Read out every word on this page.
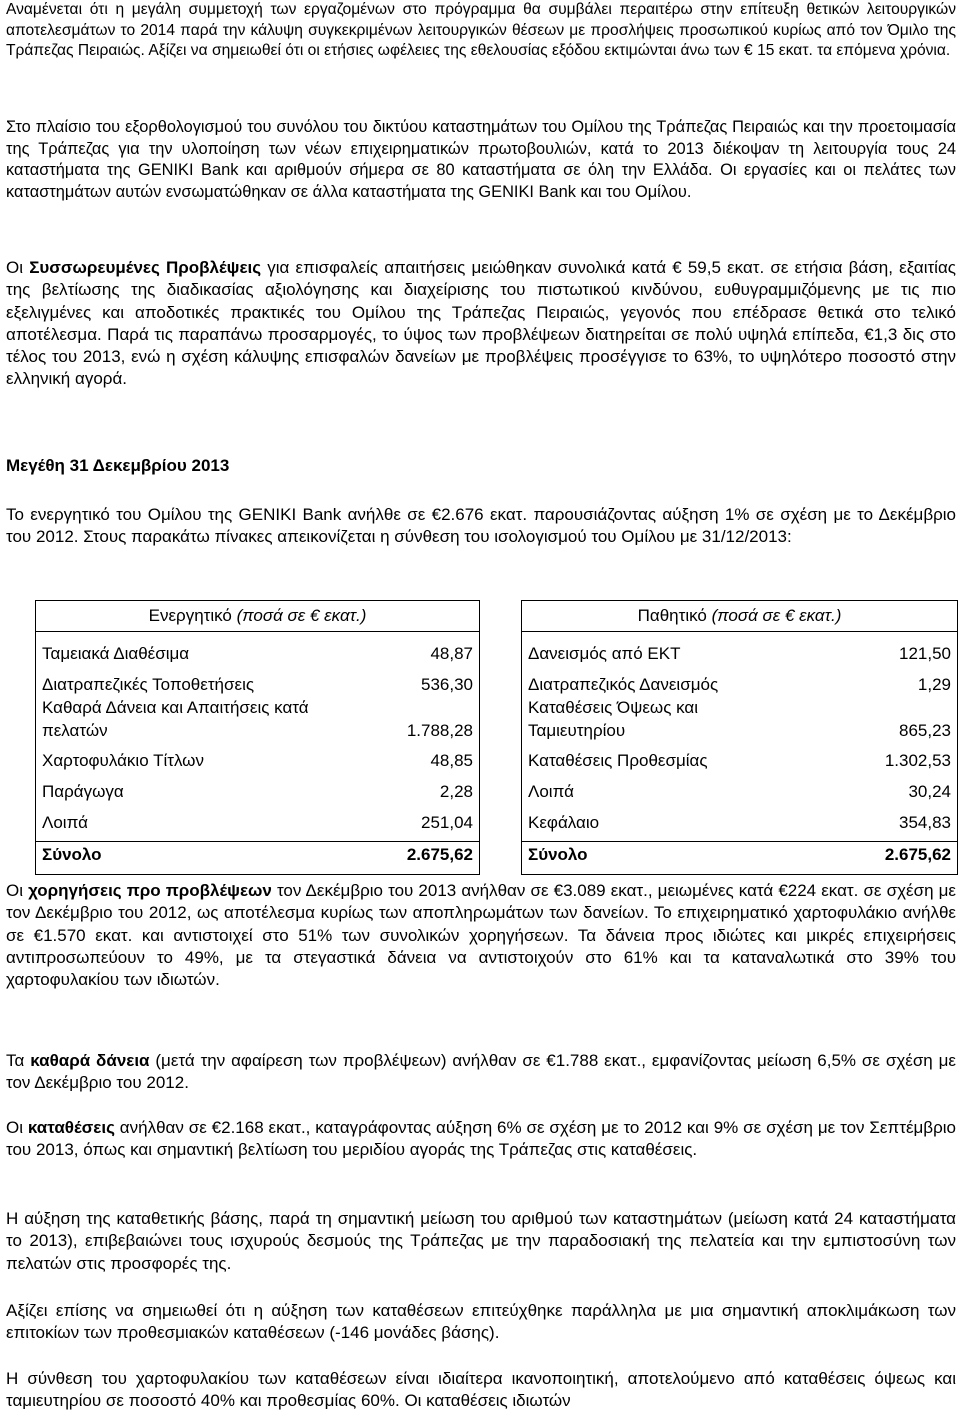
Αναμένεται ότι η μεγάλη συμμετοχή των εργαζομένων στο πρόγραμμα θα συμβάλει περαιτέρω στην επίτευξη θετικών λειτουργικών αποτελεσμάτων το 2014 παρά την κάλυψη συγκεκριμένων λειτουργικών θέσεων με προσλήψεις προσωπικού κυρίως από τον Όμιλο της Τράπεζας Πειραιώς. Αξίζει να σημειωθεί ότι οι ετήσιες ωφέλειες της εθελουσίας εξόδου εκτιμώνται άνω των € 15 εκατ. τα επόμενα χρόνια.

Στο πλαίσιο του εξορθολογισμού του συνόλου του δικτύου καταστημάτων του Ομίλου της Τράπεζας Πειραιώς και την προετοιμασία της Τράπεζας για την υλοποίηση των νέων επιχειρηματικών πρωτοβουλιών, κατά το 2013 διέκοψαν τη λειτουργία τους 24 καταστήματα της GENIKI Bank και αριθμούν σήμερα σε 80 καταστήματα σε όλη την Ελλάδα. Οι εργασίες και οι πελάτες των καταστημάτων αυτών ενσωματώθηκαν σε άλλα καταστήματα της GENIKI Bank και του Ομίλου.

Οι Συσσωρευμένες Προβλέψεις για επισφαλείς απαιτήσεις μειώθηκαν συνολικά κατά € 59,5 εκατ. σε ετήσια βάση, εξαιτίας της βελτίωσης της διαδικασίας αξιολόγησης και διαχείρισης του πιστωτικού κινδύνου, ευθυγραμμιζόμενης με τις πιο εξελιγμένες και αποδοτικές πρακτικές του Ομίλου της Τράπεζας Πειραιώς, γεγονός που επέδρασε θετικά στο τελικό αποτέλεσμα. Παρά τις παραπάνω προσαρμογές, το ύψος των προβλέψεων διατηρείται σε πολύ υψηλά επίπεδα, €1,3 δις στο τέλος του 2013, ενώ η σχέση κάλυψης επισφαλών δανείων με προβλέψεις προσέγγισε το 63%, το υψηλότερο ποσοστό στην ελληνική αγορά.

Μεγέθη 31 Δεκεμβρίου 2013

Το ενεργητικό του Ομίλου της GENIKI Bank ανήλθε σε €2.676 εκατ. παρουσιάζοντας αύξηση 1% σε σχέση με το Δεκέμβριο του 2012. Στους παρακάτω πίνακες απεικονίζεται η σύνθεση του ισολογισμού του Ομίλου με 31/12/2013:

Ενεργητικό (ποσά σε € εκατ.)
Ταμειακά Διαθέσιμα	48,87
Διατραπεζικές Τοποθετήσεις	536,30
Καθαρά Δάνεια και Απαιτήσεις κατά
πελατών	1.788,28
Χαρτοφυλάκιο Τίτλων	48,85
Παράγωγα	2,28
Λοιπά	251,04
Σύνολο	2.675,62
Παθητικό (ποσά σε € εκατ.)
Δανεισμός από ΕΚΤ	121,50
Διατραπεζικός Δανεισμός	1,29
Καταθέσεις Όψεως και
Ταμιευτηρίου	865,23
Καταθέσεις Προθεσμίας	1.302,53
Λοιπά	30,24
Κεφάλαιο	354,83
Σύνολο	2.675,62

Οι χορηγήσεις προ προβλέψεων τον Δεκέμβριο του 2013 ανήλθαν σε €3.089 εκατ., μειωμένες κατά €224 εκατ. σε σχέση με τον Δεκέμβριο του 2012, ως αποτέλεσμα κυρίως των αποπληρωμάτων των δανείων. Το επιχειρηματικό χαρτοφυλάκιο ανήλθε σε €1.570 εκατ. και αντιστοιχεί στο 51% των συνολικών χορηγήσεων. Τα δάνεια προς ιδιώτες και μικρές επιχειρήσεις αντιπροσωπεύουν το 49%, με τα στεγαστικά δάνεια να αντιστοιχούν στο 61% και τα καταναλωτικά στο 39% του χαρτοφυλακίου των ιδιωτών.

Τα καθαρά δάνεια (μετά την αφαίρεση των προβλέψεων) ανήλθαν σε €1.788 εκατ., εμφανίζοντας μείωση 6,5% σε σχέση με τον Δεκέμβριο του 2012.

Οι καταθέσεις ανήλθαν σε €2.168 εκατ., καταγράφοντας αύξηση 6% σε σχέση με το 2012 και 9% σε σχέση με τον Σεπτέμβριο του 2013, όπως και σημαντική βελτίωση του μεριδίου αγοράς της Τράπεζας στις καταθέσεις.

Η αύξηση της καταθετικής βάσης, παρά τη σημαντική μείωση του αριθμού των καταστημάτων (μείωση κατά 24 καταστήματα το 2013), επιβεβαιώνει τους ισχυρούς δεσμούς της Τράπεζας με την παραδοσιακή της πελατεία και την εμπιστοσύνη των πελατών στις προσφορές της.

Αξίζει επίσης να σημειωθεί ότι η αύξηση των καταθέσεων επιτεύχθηκε παράλληλα με μια σημαντική αποκλιμάκωση των επιτοκίων των προθεσμιακών καταθέσεων (-146 μονάδες βάσης).

Η σύνθεση του χαρτοφυλακίου των καταθέσεων είναι ιδιαίτερα ικανοποιητική, αποτελούμενο από καταθέσεις όψεως και ταμιευτηρίου σε ποσοστό 40% και προθεσμίας 60%. Οι καταθέσεις ιδιωτών
